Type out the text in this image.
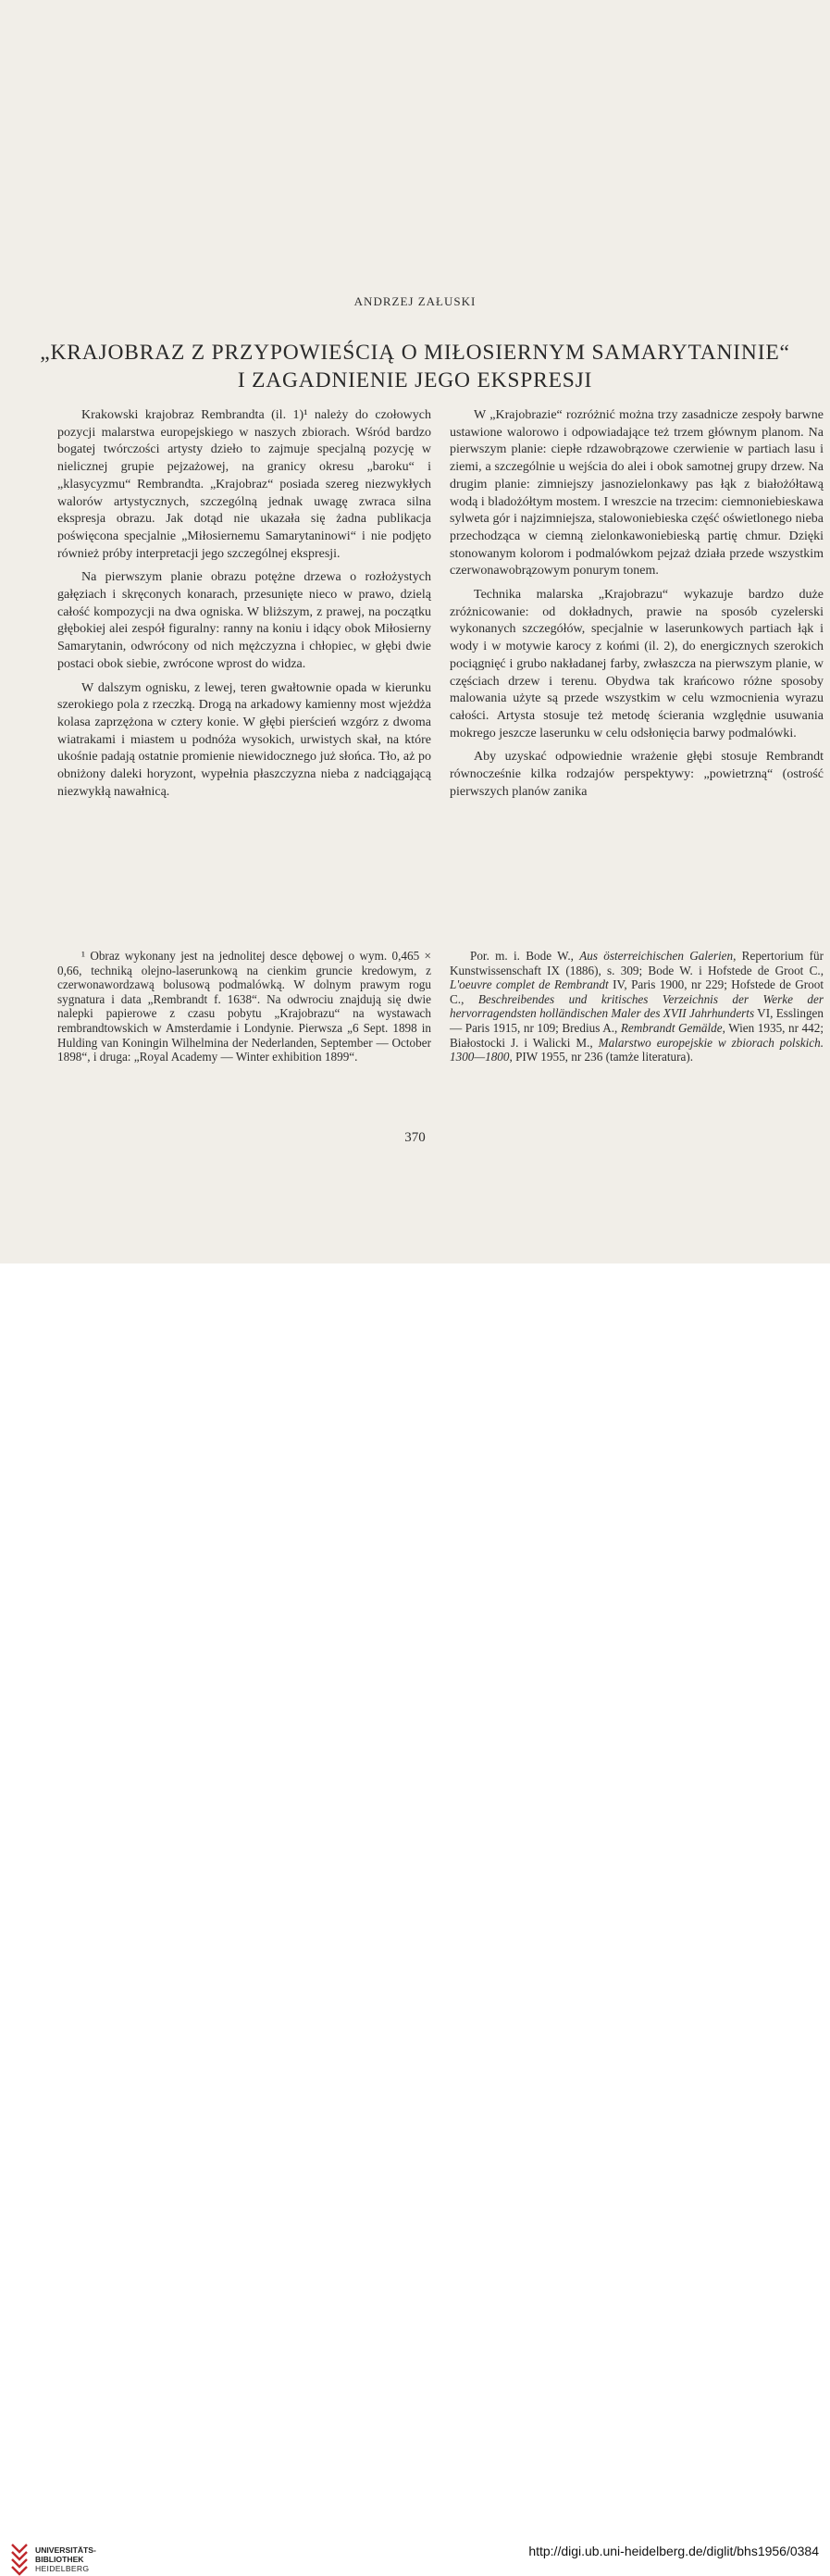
ANDRZEJ ZAŁUSKI
„KRAJOBRAZ Z PRZYPOWIEŚCIĄ O MIŁOSIERNYM SAMARYTANINIE“
I ZAGADNIENIE JEGO EKSPRESJI

Krakowski krajobraz Rembrandta (il. 1)¹ należy do czołowych pozycji malarstwa europejskiego w naszych zbiorach. Wśród bardzo bogatej twórczości artysty dzieło to zajmuje specjalną pozycję w nielicznej grupie pejzażowej, na granicy okresu „baroku“ i „klasycyzmu“ Rembrandta. „Krajobraz“ posiada szereg niezwykłych walorów artystycznych, szczególną jednak uwagę zwraca silna ekspresja obrazu. Jak dotąd nie ukazała się żadna publikacja poświęcona specjalnie „Miłosiernemu Samarytaninowi“ i nie podjęto również próby interpretacji jego szczególnej ekspresji.

Na pierwszym planie obrazu potężne drzewa o rozłożystych gałęziach i skręconych konarach, przesunięte nieco w prawo, dzielą całość kompozycji na dwa ogniska. W bliższym, z prawej, na początku głębokiej alei zespół figuralny: ranny na koniu i idący obok Miłosierny Samarytanin, odwrócony od nich mężczyzna i chłopiec, w głębi dwie postaci obok siebie, zwrócone wprost do widza.

W dalszym ognisku, z lewej, teren gwałtownie opada w kierunku szerokiego pola z rzeczką. Drogą na arkadowy kamienny most wjeżdża kolasa zaprzężona w cztery konie. W głębi pierścień wzgórz z dwoma wiatrakami i miastem u podnóża wysokich, urwistych skał, na które ukośnie padają ostatnie promienie niewidocznego już słońca. Tło, aż po obniżony daleki horyzont, wypełnia płaszczyzna nieba z nadciągającą niezwykłą nawałnicą.

W „Krajobrazie“ rozróżnić można trzy zasadnicze zespoły barwne ustawione walorowo i odpowiadające też trzem głównym planom. Na pierwszym planie: ciepłe rdzawobrązowe czerwienie w partiach lasu i ziemi, a szczególnie u wejścia do alei i obok samotnej grupy drzew. Na drugim planie: zimniejszy jasnozielonkawy pas łąk z białożółtawą wodą i bladożółtym mostem. I wreszcie na trzecim: ciemnoniebieskawa sylweta gór i najzimniejsza, stalowoniebieska część oświetlonego nieba przechodząca w ciemną zielonkawoniebieską partię chmur. Dzięki stonowanym kolorom i podmalówkom pejzaż działa przede wszystkim czerwonawobrązowym ponurym tonem.

Technika malarska „Krajobrazu“ wykazuje bardzo duże zróżnicowanie: od dokładnych, prawie na sposób cyzelerski wykonanych szczegółów, specjalnie w laserunkowych partiach łąk i wody i w motywie karocy z końmi (il. 2), do energicznych szerokich pociągnięć i grubo nakładanej farby, zwłaszcza na pierwszym planie, w częściach drzew i terenu. Obydwa tak krańcowo różne sposoby malowania użyte są przede wszystkim w celu wzmocnienia wyrazu całości. Artysta stosuje też metodę ścierania względnie usuwania mokrego jeszcze laserunku w celu odsłonięcia barwy podmalówki.

Aby uzyskać odpowiednie wrażenie głębi stosuje Rembrandt równocześnie kilka rodzajów perspektywy: „powietrzną“ (ostrość pierwszych planów zanika

¹ Obraz wykonany jest na jednolitej desce dębowej o wym. 0,465 × 0,66, techniką olejno-laserunkową na cienkim gruncie kredowym, z czerwonawordzawą bolusową podmalówką. W dolnym prawym rogu sygnatura i data „Rembrandt f. 1638“. Na odwrociu znajdują się dwie nalepki papierowe z czasu pobytu „Krajobrazu“ na wystawach rembrandtowskich w Amsterdamie i Londynie. Pierwsza „6 Sept. 1898 in Hulding van Koningin Wilhelmina der Nederlanden, September — October 1898“, i druga: „Royal Academy — Winter exhibition 1899“.
Por. m. i. Bode W., Aus österreichischen Galerien, Repertorium für Kunstwissenschaft IX (1886), s. 309; Bode W. i Hofstede de Groot C., L'oeuvre complet de Rembrandt IV, Paris 1900, nr 229; Hofstede de Groot C., Beschreibendes und kritisches Verzeichnis der Werke der hervorragendsten holländischen Maler des XVII Jahrhunderts VI, Esslingen — Paris 1915, nr 109; Bredius A., Rembrandt Gemälde, Wien 1935, nr 442; Białostocki J. i Walicki M., Malarstwo europejskie w zbiorach polskich. 1300—1800, PIW 1955, nr 236 (tamże literatura).
370
UNIVERSITÄTS-
BIBLIOTHEK
HEIDELBERG
http://digi.ub.uni-heidelberg.de/diglit/bhs1956/0384
